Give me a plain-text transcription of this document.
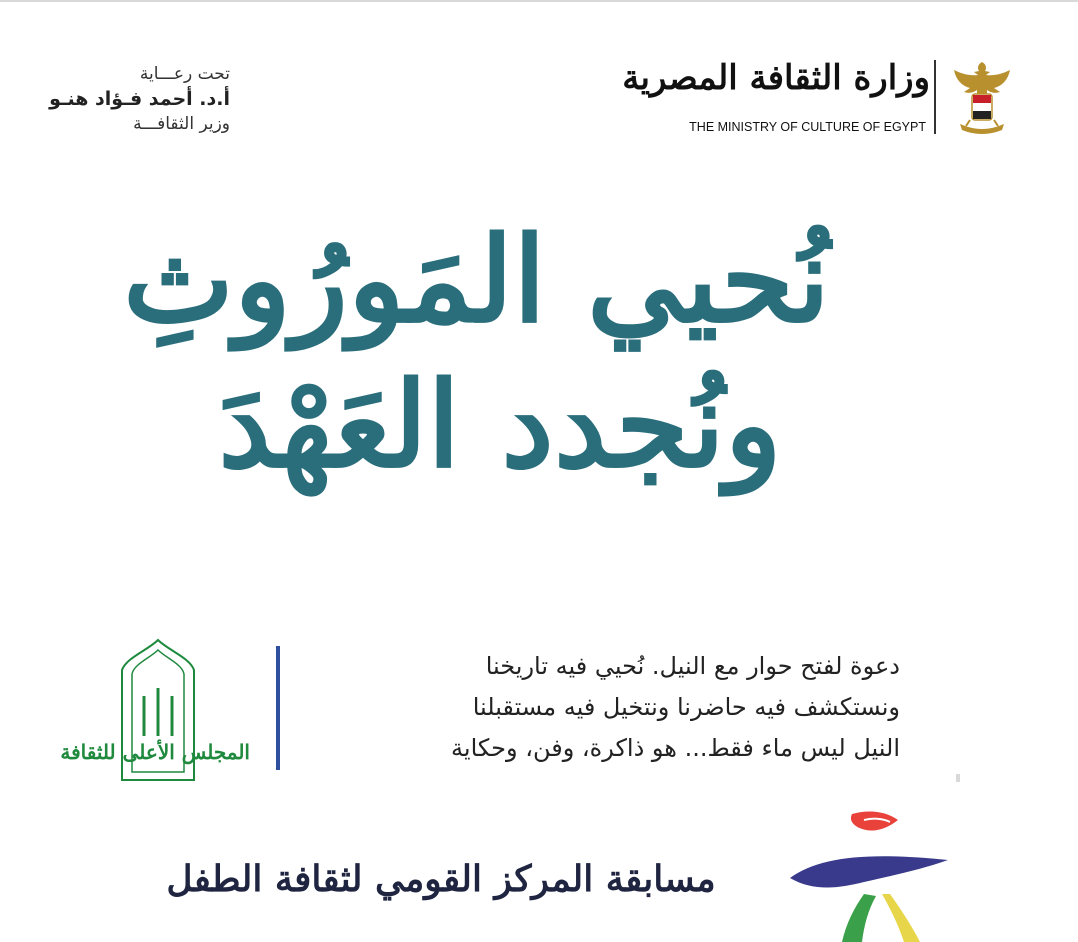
تحت رعـــاية
أ.د. أحمد فـؤاد هنـو
وزير الثقافـــة
وزارة الثقافة المصرية
THE MINISTRY OF CULTURE OF EGYPT
نُحيي المَورُوثِ
ونُجدد العَهْدَ
المجلس الأعلى للثقافة
دعوة لفتح حوار مع النيل. نُحيي فيه تاريخنا
ونستكشف فيه حاضرنا ونتخيل فيه مستقبلنا
النيل ليس ماء فقط... هو ذاكرة، وفن، وحكاية
مسابقة المركز القومي لثقافة الطفل
